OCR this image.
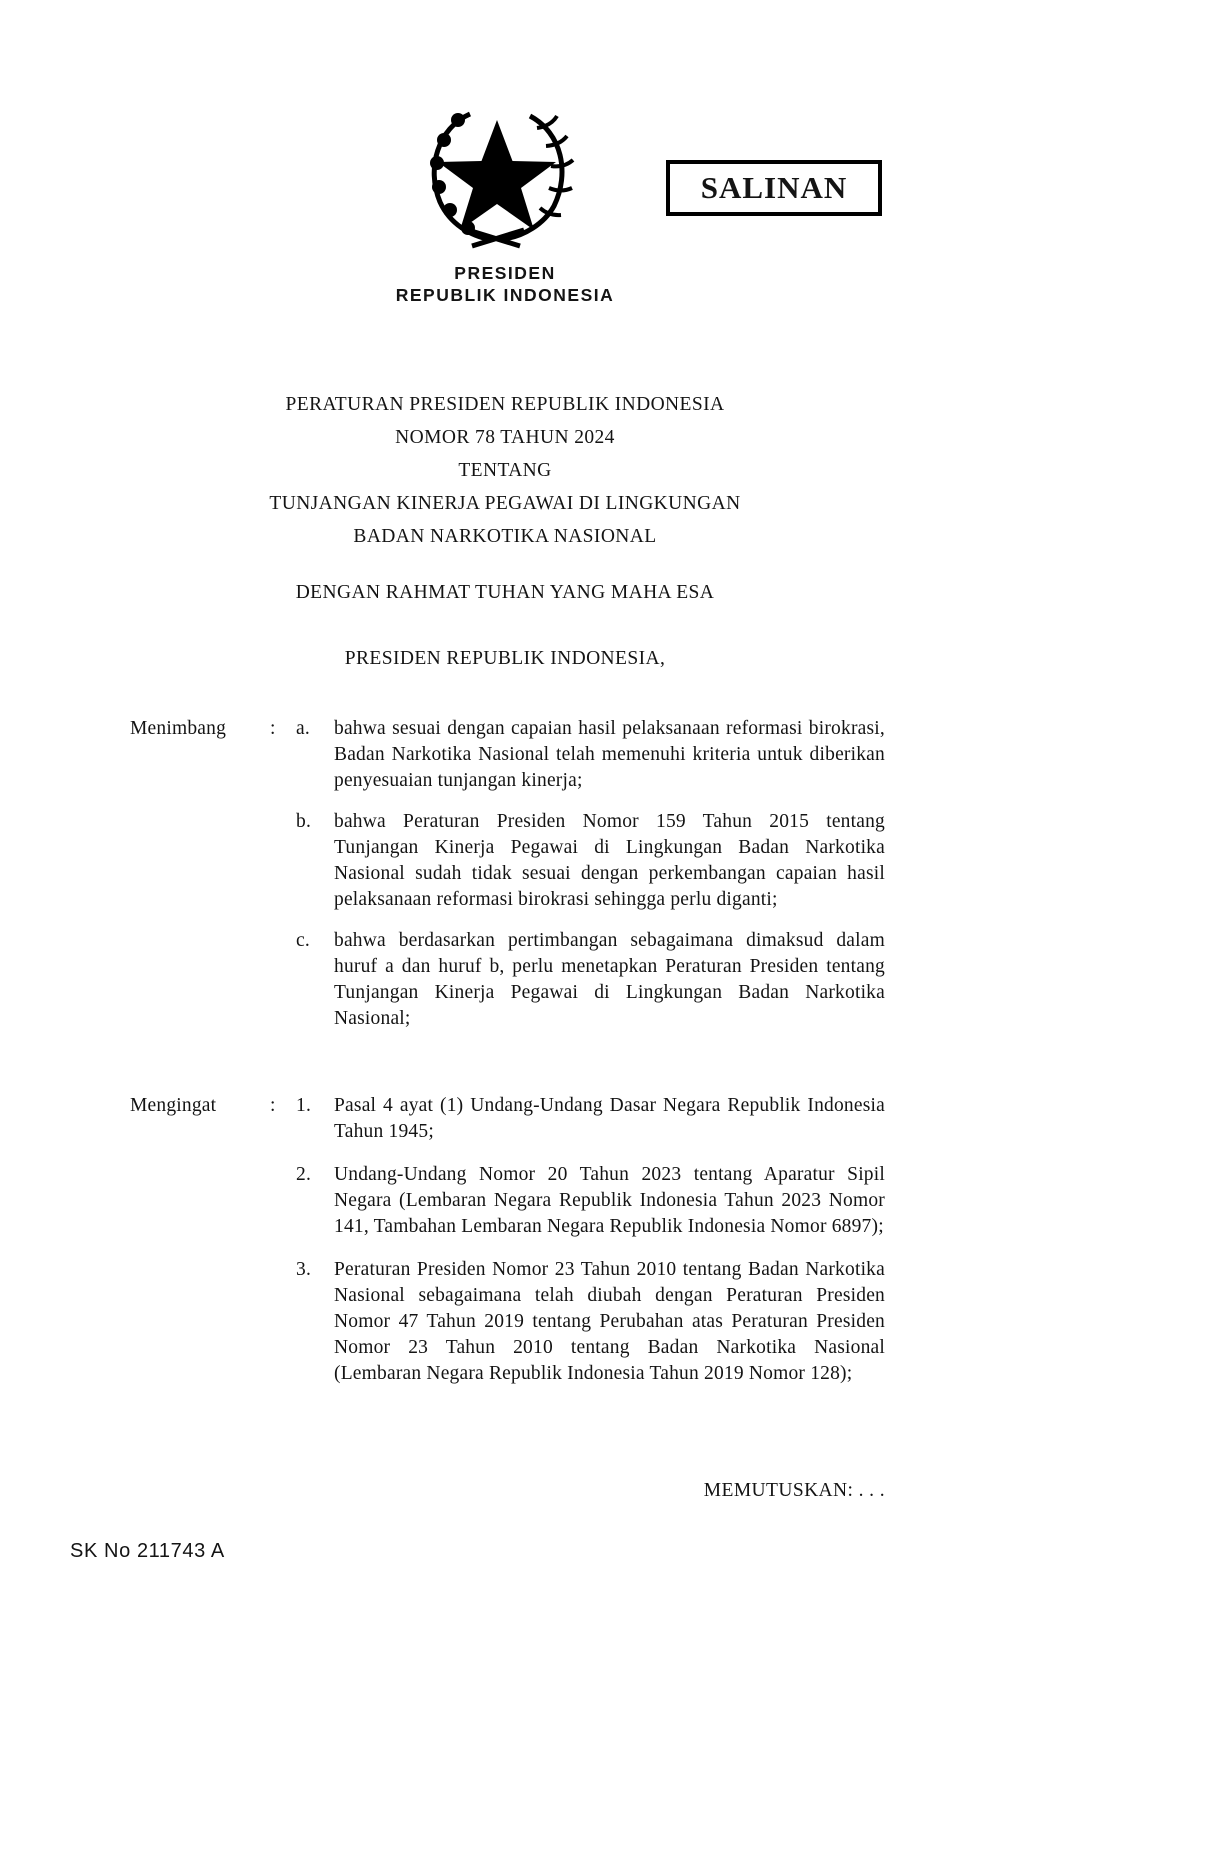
SALINAN
PRESIDEN
REPUBLIK INDONESIA
PERATURAN PRESIDEN REPUBLIK INDONESIA
NOMOR 78 TAHUN 2024
TENTANG
TUNJANGAN KINERJA PEGAWAI DI LINGKUNGAN
BADAN NARKOTIKA NASIONAL
DENGAN RAHMAT TUHAN YANG MAHA ESA
PRESIDEN REPUBLIK INDONESIA,
Menimbang	:	a.	bahwa sesuai dengan capaian hasil pelaksanaan reformasi birokrasi, Badan Narkotika Nasional telah memenuhi kriteria untuk diberikan penyesuaian tunjangan kinerja;
b.	bahwa Peraturan Presiden Nomor 159 Tahun 2015 tentang Tunjangan Kinerja Pegawai di Lingkungan Badan Narkotika Nasional sudah tidak sesuai dengan perkembangan capaian hasil pelaksanaan reformasi birokrasi sehingga perlu diganti;
c.	bahwa berdasarkan pertimbangan sebagaimana dimaksud dalam huruf a dan huruf b, perlu menetapkan Peraturan Presiden tentang Tunjangan Kinerja Pegawai di Lingkungan Badan Narkotika Nasional;
Mengingat	:	1.	Pasal 4 ayat (1) Undang-Undang Dasar Negara Republik Indonesia Tahun 1945;
2.	Undang-Undang Nomor 20 Tahun 2023 tentang Aparatur Sipil Negara (Lembaran Negara Republik Indonesia Tahun 2023 Nomor 141, Tambahan Lembaran Negara Republik Indonesia Nomor 6897);
3.	Peraturan Presiden Nomor 23 Tahun 2010 tentang Badan Narkotika Nasional sebagaimana telah diubah dengan Peraturan Presiden Nomor 47 Tahun 2019 tentang Perubahan atas Peraturan Presiden Nomor 23 Tahun 2010 tentang Badan Narkotika Nasional (Lembaran Negara Republik Indonesia Tahun 2019 Nomor 128);
MEMUTUSKAN: . . .
SK No 211743 A
